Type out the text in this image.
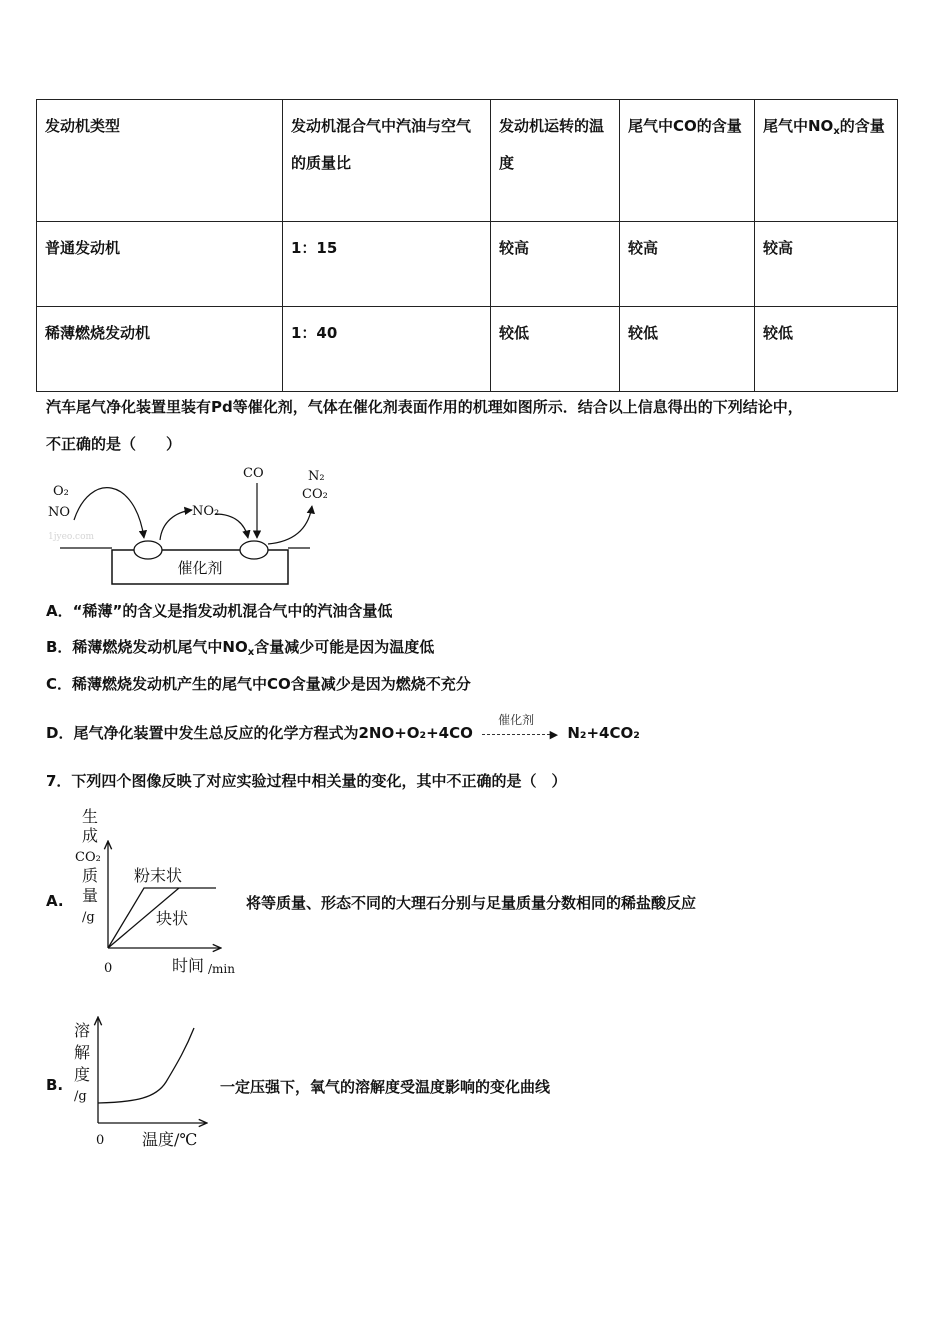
发动机类型	发动机混合气中汽油与空气的质量比	发动机运转的温度	尾气中CO的含量	尾气中$NO_x$的含量
普通发动机	1：15	较高	较高	较高
稀薄燃烧发动机	1：40	较低	较低	较低
汽车尾气净化装置里装有Pd等催化剂，气体在催化剂表面作用的机理如图所示．结合以上信息得出的下列结论中，
不正确的是（　　）
催化剂
1jyeo.com
O₂
NO	NO₂
CO	N₂
CO₂
A．“稀薄”的含义是指发动机混合气中的汽油含量低
B．稀薄燃烧发动机尾气中$NO_x$含量减少可能是因为温度低
C．稀薄燃烧发动机产生的尾气中CO含量减少是因为燃烧不充分
D．尾气净化装置中发生总反应的化学方程式为2NO+O₂+4CO
催化剂
▶ N₂+4CO₂
7．下列四个图像反映了对应实验过程中相关量的变化，其中不正确的是（　）
A.
生
成
CO₂
质
量
/g
0	时间 /min
粉末状
块状
将等质量、形态不同的大理石分别与足量质量分数相同的稀盐酸反应
B.
溶
解
度
/g
0 温度/℃
一定压强下，氧气的溶解度受温度影响的变化曲线
